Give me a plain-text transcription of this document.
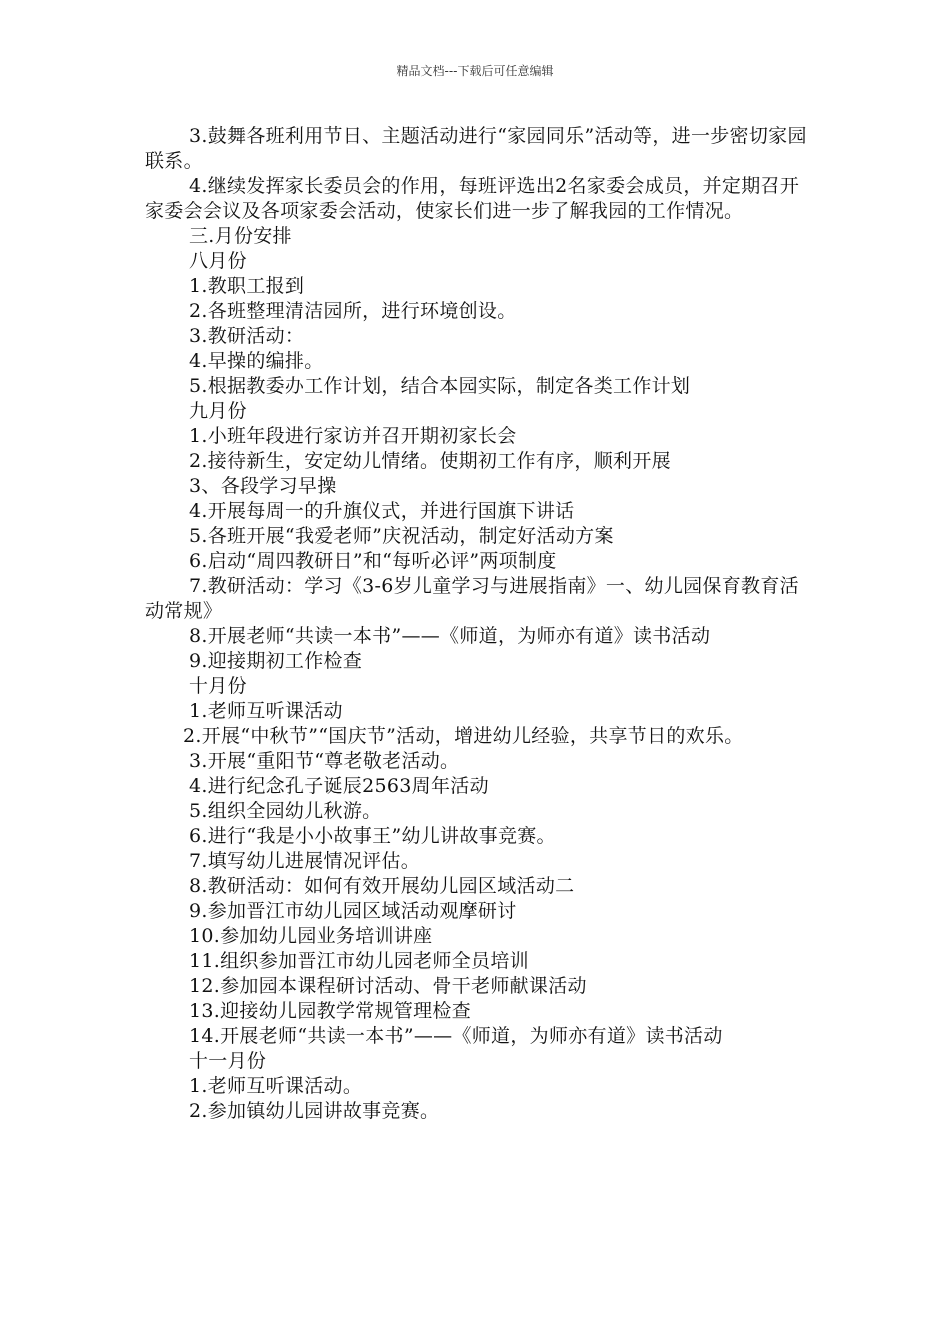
精品文档---下载后可任意编辑

3.鼓舞各班利用节日、主题活动进行“家园同乐”活动等，进一步密切家园联系。

4.继续发挥家长委员会的作用，每班评选出2名家委会成员，并定期召开家委会会议及各项家委会活动，使家长们进一步了解我园的工作情况。

三.月份安排

八月份

1.教职工报到

2.各班整理清洁园所，进行环境创设。

3.教研活动：

4.早操的编排。

5.根据教委办工作计划，结合本园实际，制定各类工作计划

九月份

1.小班年段进行家访并召开期初家长会

2.接待新生，安定幼儿情绪。使期初工作有序，顺利开展

3、各段学习早操

4.开展每周一的升旗仪式，并进行国旗下讲话

5.各班开展“我爱老师”庆祝活动，制定好活动方案

6.启动“周四教研日”和“每听必评”两项制度

7.教研活动：学习《3-6岁儿童学习与进展指南》一、幼儿园保育教育活动常规》

8.开展老师“共读一本书”——《师道，为师亦有道》读书活动

9.迎接期初工作检查

十月份

1.老师互听课活动

2.开展“中秋节”“国庆节”活动，增进幼儿经验，共享节日的欢乐。

3.开展“重阳节“尊老敬老活动。

4.进行纪念孔子诞辰2563周年活动

5.组织全园幼儿秋游。

6.进行“我是小小故事王”幼儿讲故事竞赛。

7.填写幼儿进展情况评估。

8.教研活动：如何有效开展幼儿园区域活动二

9.参加晋江市幼儿园区域活动观摩研讨

10.参加幼儿园业务培训讲座

11.组织参加晋江市幼儿园老师全员培训

12.参加园本课程研讨活动、骨干老师献课活动

13.迎接幼儿园教学常规管理检查

14.开展老师“共读一本书”——《师道，为师亦有道》读书活动

十一月份

1.老师互听课活动。

2.参加镇幼儿园讲故事竞赛。
